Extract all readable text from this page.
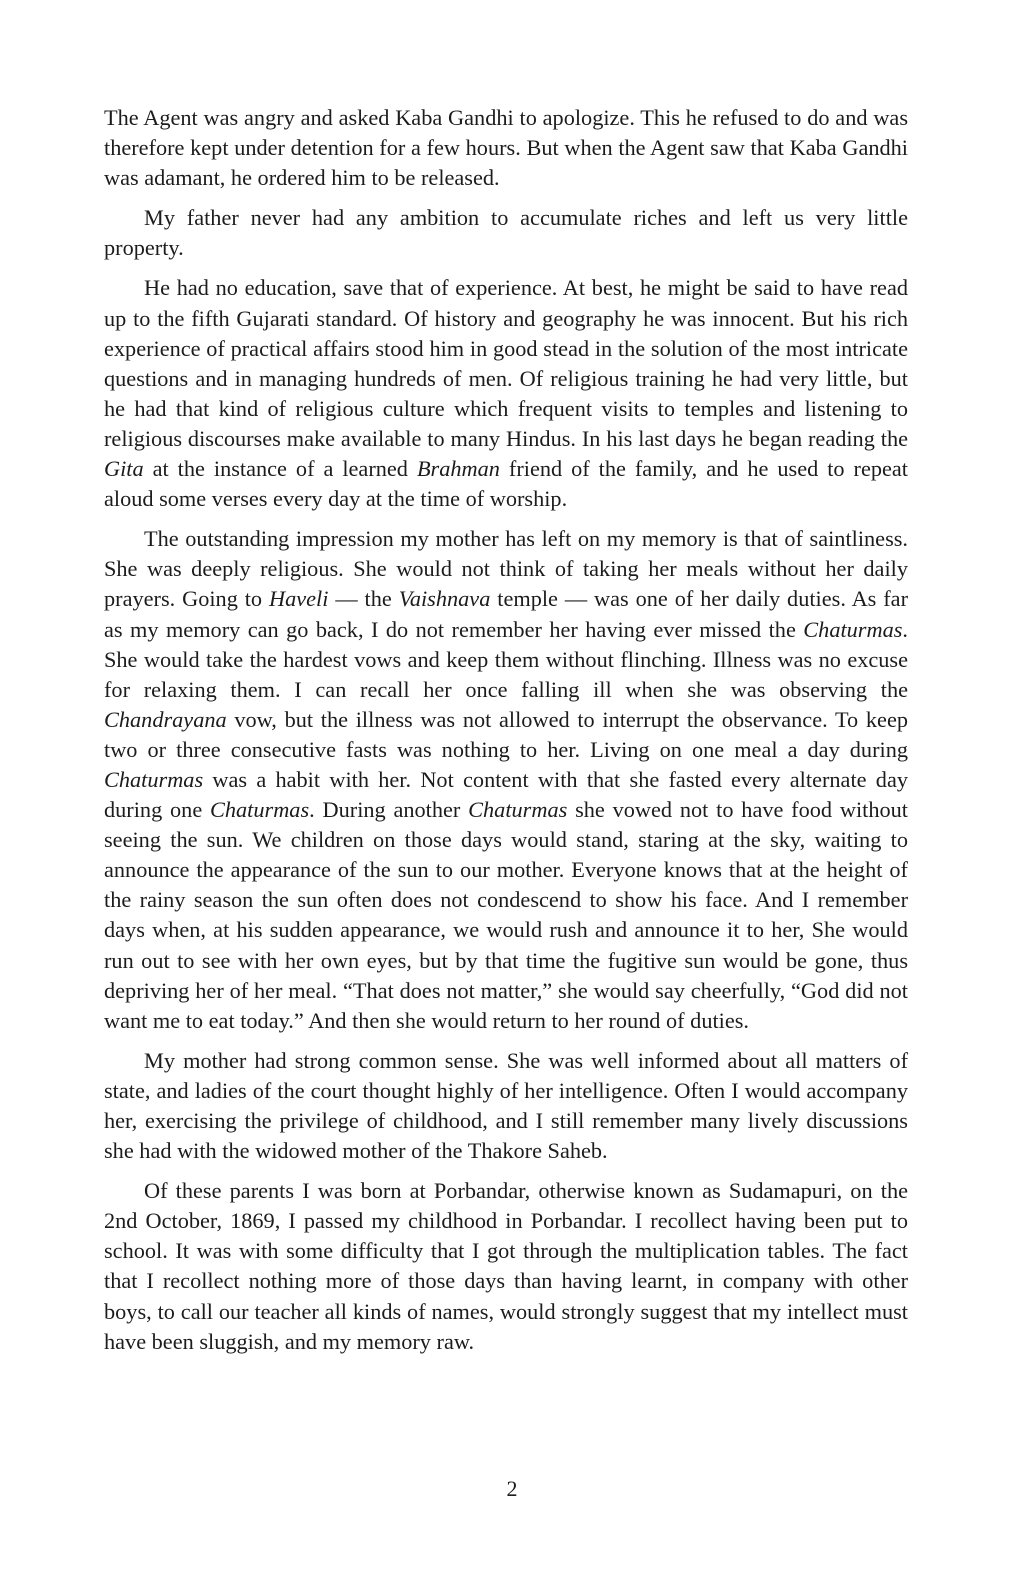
The Agent was angry and asked Kaba Gandhi to apologize. This he refused to do and was therefore kept under detention for a few hours. But when the Agent saw that Kaba Gandhi was adamant, he ordered him to be released.

My father never had any ambition to accumulate riches and left us very little property.

He had no education, save that of experience. At best, he might be said to have read up to the fifth Gujarati standard. Of history and geography he was innocent. But his rich experience of practical affairs stood him in good stead in the solution of the most intricate questions and in managing hundreds of men. Of religious training he had very little, but he had that kind of religious culture which frequent visits to temples and listening to religious discourses make available to many Hindus. In his last days he began reading the Gita at the instance of a learned Brahman friend of the family, and he used to repeat aloud some verses every day at the time of worship.

The outstanding impression my mother has left on my memory is that of saintliness. She was deeply religious. She would not think of taking her meals without her daily prayers. Going to Haveli — the Vaishnava temple — was one of her daily duties. As far as my memory can go back, I do not remember her having ever missed the Chaturmas. She would take the hardest vows and keep them without flinching. Illness was no excuse for relaxing them. I can recall her once falling ill when she was observing the Chandrayana vow, but the illness was not allowed to interrupt the observance. To keep two or three consecutive fasts was nothing to her. Living on one meal a day during Chaturmas was a habit with her. Not content with that she fasted every alternate day during one Chaturmas. During another Chaturmas she vowed not to have food without seeing the sun. We children on those days would stand, staring at the sky, waiting to announce the appearance of the sun to our mother. Everyone knows that at the height of the rainy season the sun often does not condescend to show his face. And I remember days when, at his sudden appearance, we would rush and announce it to her, She would run out to see with her own eyes, but by that time the fugitive sun would be gone, thus depriving her of her meal. “That does not matter,” she would say cheerfully, “God did not want me to eat today.” And then she would return to her round of duties.

My mother had strong common sense. She was well informed about all matters of state, and ladies of the court thought highly of her intelligence. Often I would accompany her, exercising the privilege of childhood, and I still remember many lively discussions she had with the widowed mother of the Thakore Saheb.

Of these parents I was born at Porbandar, otherwise known as Sudamapuri, on the 2nd October, 1869, I passed my childhood in Porbandar. I recollect having been put to school. It was with some difficulty that I got through the multiplication tables. The fact that I recollect nothing more of those days than having learnt, in company with other boys, to call our teacher all kinds of names, would strongly suggest that my intellect must have been sluggish, and my memory raw.

2
